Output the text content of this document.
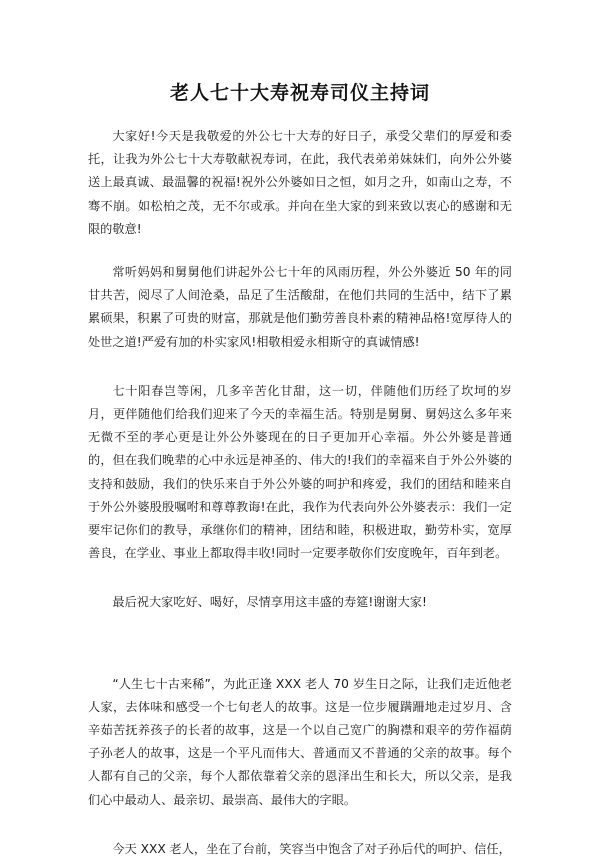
老人七十大寿祝寿司仪主持词

大家好!今天是我敬爱的外公七十大寿的好日子，承受父辈们的厚爱和委托，让我为外公七十大寿敬献祝寿词，在此，我代表弟弟妹妹们，向外公外婆送上最真诚、最温馨的祝福!祝外公外婆如日之恒，如月之升，如南山之寿，不骞不崩。如松柏之茂，无不尔或承。并向在坐大家的到来致以衷心的感谢和无限的敬意!

常听妈妈和舅舅他们讲起外公七十年的风雨历程，外公外婆近 50 年的同甘共苦，阅尽了人间沧桑，品足了生活酸甜，在他们共同的生活中，结下了累累硕果，积累了可贵的财富，那就是他们勤劳善良朴素的精神品格!宽厚待人的处世之道!严爱有加的朴实家风!相敬相爱永相斯守的真诚情感!

七十阳春岂等闲，几多辛苦化甘甜，这一切，伴随他们历经了坎坷的岁月，更伴随他们给我们迎来了今天的幸福生活。特别是舅舅、舅妈这么多年来无微不至的孝心更是让外公外婆现在的日子更加开心幸福。外公外婆是普通的，但在我们晚辈的心中永远是神圣的、伟大的!我们的幸福来自于外公外婆的支持和鼓励，我们的快乐来自于外公外婆的呵护和疼爱，我们的团结和睦来自于外公外婆殷殷嘱咐和尊尊教诲!在此，我作为代表向外公外婆表示：我们一定要牢记你们的教导，承继你们的精神，团结和睦，积极进取，勤劳朴实，宽厚善良，在学业、事业上都取得丰收!同时一定要孝敬你们安度晚年，百年到老。

最后祝大家吃好、喝好，尽情享用这丰盛的寿筵!谢谢大家!

“人生七十古来稀”，为此正逢 XXX 老人 70 岁生日之际，让我们走近他老人家，去体味和感受一个七旬老人的故事。这是一位步履蹒跚地走过岁月、含辛茹苦抚养孩子的长者的故事，这是一个以自己宽广的胸襟和艰辛的劳作福荫子孙老人的故事，这是一个平凡而伟大、普通而又不普通的父亲的故事。每个人都有自己的父亲，每个人都依靠着父亲的恩泽出生和长大，所以父亲，是我们心中最动人、最亲切、最崇高、最伟大的字眼。

今天 XXX 老人，坐在了台前，笑容当中饱含了对子孙后代的呵护、信任，
